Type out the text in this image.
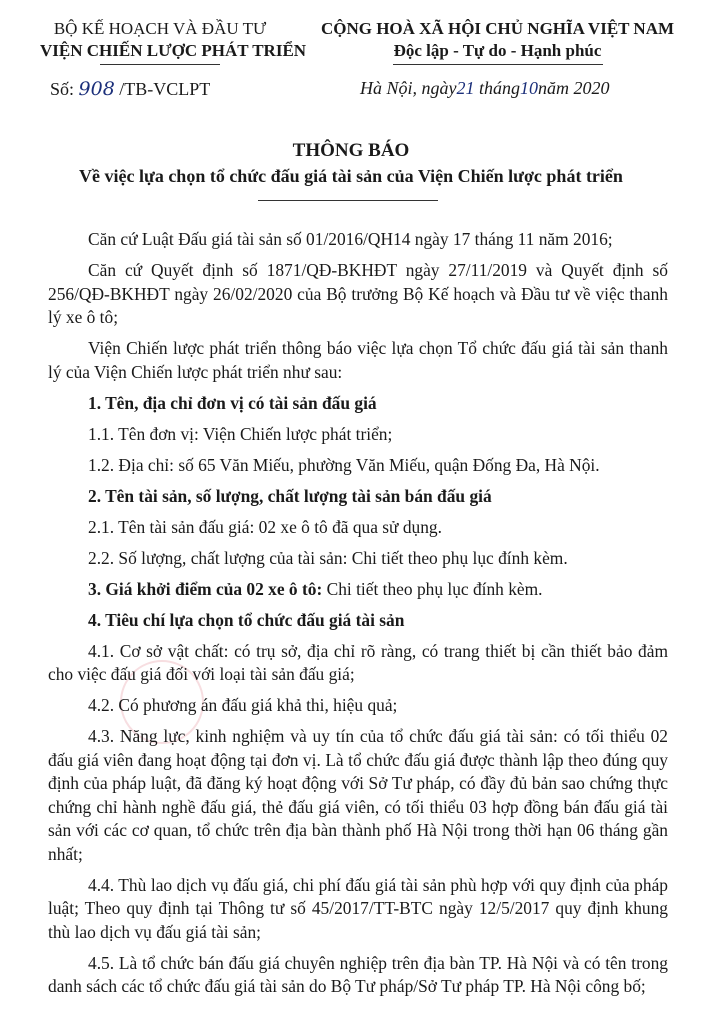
BỘ KẾ HOẠCH VÀ ĐẦU TƯ
VIỆN CHIẾN LƯỢC PHÁT TRIỂN
CỘNG HOÀ XÃ HỘI CHỦ NGHĨA VIỆT NAM
Độc lập - Tự do - Hạnh phúc
Số: 908 /TB-VCLPT	Hà Nội, ngày21 tháng10năm 2020
THÔNG BÁO
Về việc lựa chọn tổ chức đấu giá tài sản của Viện Chiến lược phát triển

Căn cứ Luật Đấu giá tài sản số 01/2016/QH14 ngày 17 tháng 11 năm 2016;

Căn cứ Quyết định số 1871/QĐ-BKHĐT ngày 27/11/2019 và Quyết định số 256/QĐ-BKHĐT ngày 26/02/2020 của Bộ trưởng Bộ Kế hoạch và Đầu tư về việc thanh lý xe ô tô;

Viện Chiến lược phát triển thông báo việc lựa chọn Tổ chức đấu giá tài sản thanh lý của Viện Chiến lược phát triển như sau:

1. Tên, địa chỉ đơn vị có tài sản đấu giá

1.1. Tên đơn vị: Viện Chiến lược phát triển;

1.2. Địa chỉ: số 65 Văn Miếu, phường Văn Miếu, quận Đống Đa, Hà Nội.

2. Tên tài sản, số lượng, chất lượng tài sản bán đấu giá

2.1. Tên tài sản đấu giá: 02 xe ô tô đã qua sử dụng.

2.2. Số lượng, chất lượng của tài sản: Chi tiết theo phụ lục đính kèm.

3. Giá khởi điểm của 02 xe ô tô: Chi tiết theo phụ lục đính kèm.

4. Tiêu chí lựa chọn tổ chức đấu giá tài sản

4.1. Cơ sở vật chất: có trụ sở, địa chỉ rõ ràng, có trang thiết bị cần thiết bảo đảm cho việc đấu giá đối với loại tài sản đấu giá;

4.2. Có phương án đấu giá khả thi, hiệu quả;

4.3. Năng lực, kinh nghiệm và uy tín của tổ chức đấu giá tài sản: có tối thiểu 02 đấu giá viên đang hoạt động tại đơn vị. Là tổ chức đấu giá được thành lập theo đúng quy định của pháp luật, đã đăng ký hoạt động với Sở Tư pháp, có đầy đủ bản sao chứng thực chứng chỉ hành nghề đấu giá, thẻ đấu giá viên, có tối thiểu 03 hợp đồng bán đấu giá tài sản với các cơ quan, tổ chức trên địa bàn thành phố Hà Nội trong thời hạn 06 tháng gần nhất;

4.4. Thù lao dịch vụ đấu giá, chi phí đấu giá tài sản phù hợp với quy định của pháp luật; Theo quy định tại Thông tư số 45/2017/TT-BTC ngày 12/5/2017 quy định khung thù lao dịch vụ đấu giá tài sản;

4.5. Là tổ chức bán đấu giá chuyên nghiệp trên địa bàn TP. Hà Nội và có tên trong danh sách các tổ chức đấu giá tài sản do Bộ Tư pháp/Sở Tư pháp TP. Hà Nội công bố;
